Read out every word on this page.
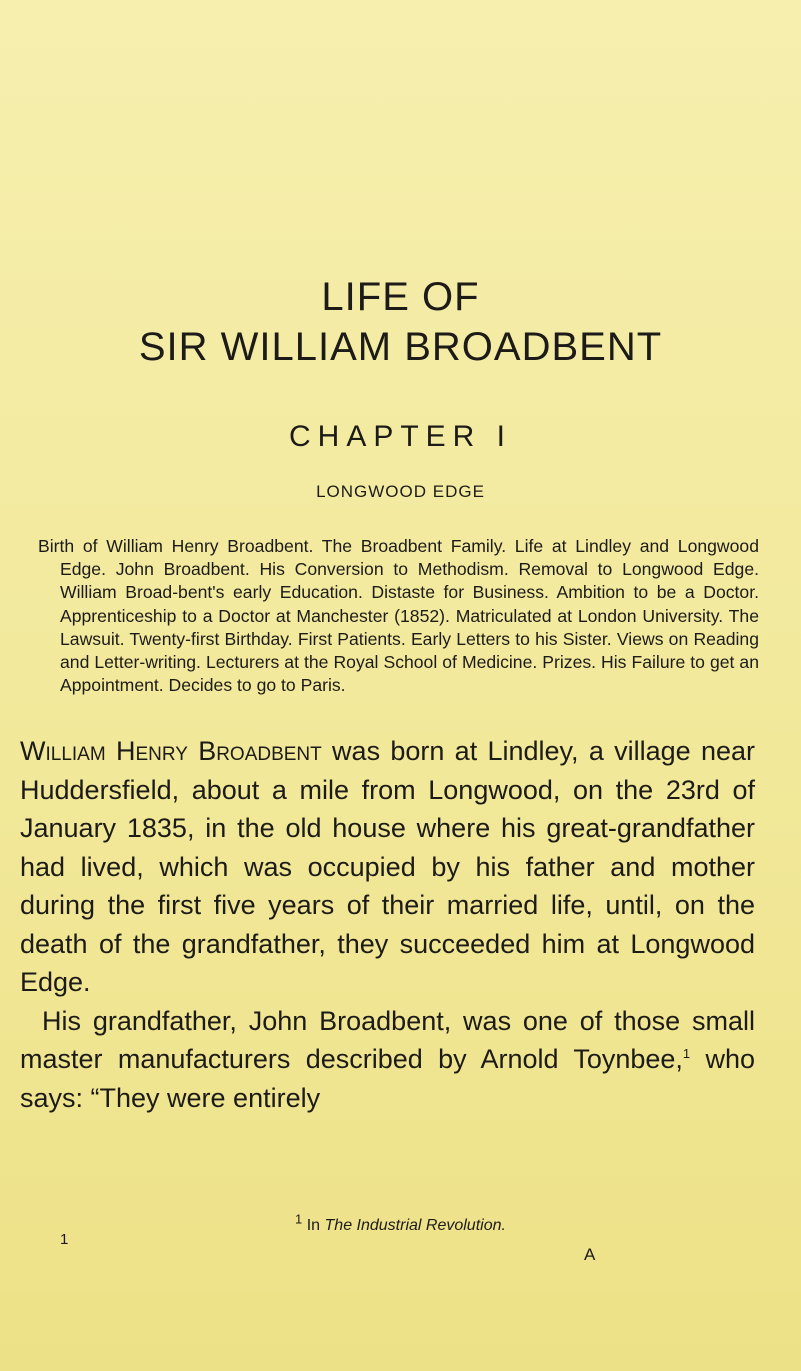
LIFE OF
SIR WILLIAM BROADBENT
CHAPTER I
LONGWOOD EDGE
Birth of William Henry Broadbent. The Broadbent Family. Life at Lindley and Longwood Edge. John Broadbent. His Conversion to Methodism. Removal to Longwood Edge. William Broad-bent's early Education. Distaste for Business. Ambition to be a Doctor. Apprenticeship to a Doctor at Manchester (1852). Matriculated at London University. The Lawsuit. Twenty-first Birthday. First Patients. Early Letters to his Sister. Views on Reading and Letter-writing. Lecturers at the Royal School of Medicine. Prizes. His Failure to get an Appointment. Decides to go to Paris.

William Henry Broadbent was born at Lindley, a village near Huddersfield, about a mile from Longwood, on the 23rd of January 1835, in the old house where his great-grandfather had lived, which was occupied by his father and mother during the first five years of their married life, until, on the death of the grandfather, they succeeded him at Longwood Edge.

His grandfather, John Broadbent, was one of those small master manufacturers described by Arnold Toynbee,$^1$ who says: “They were entirely

$^1$ In The Industrial Revolution.
1
A
